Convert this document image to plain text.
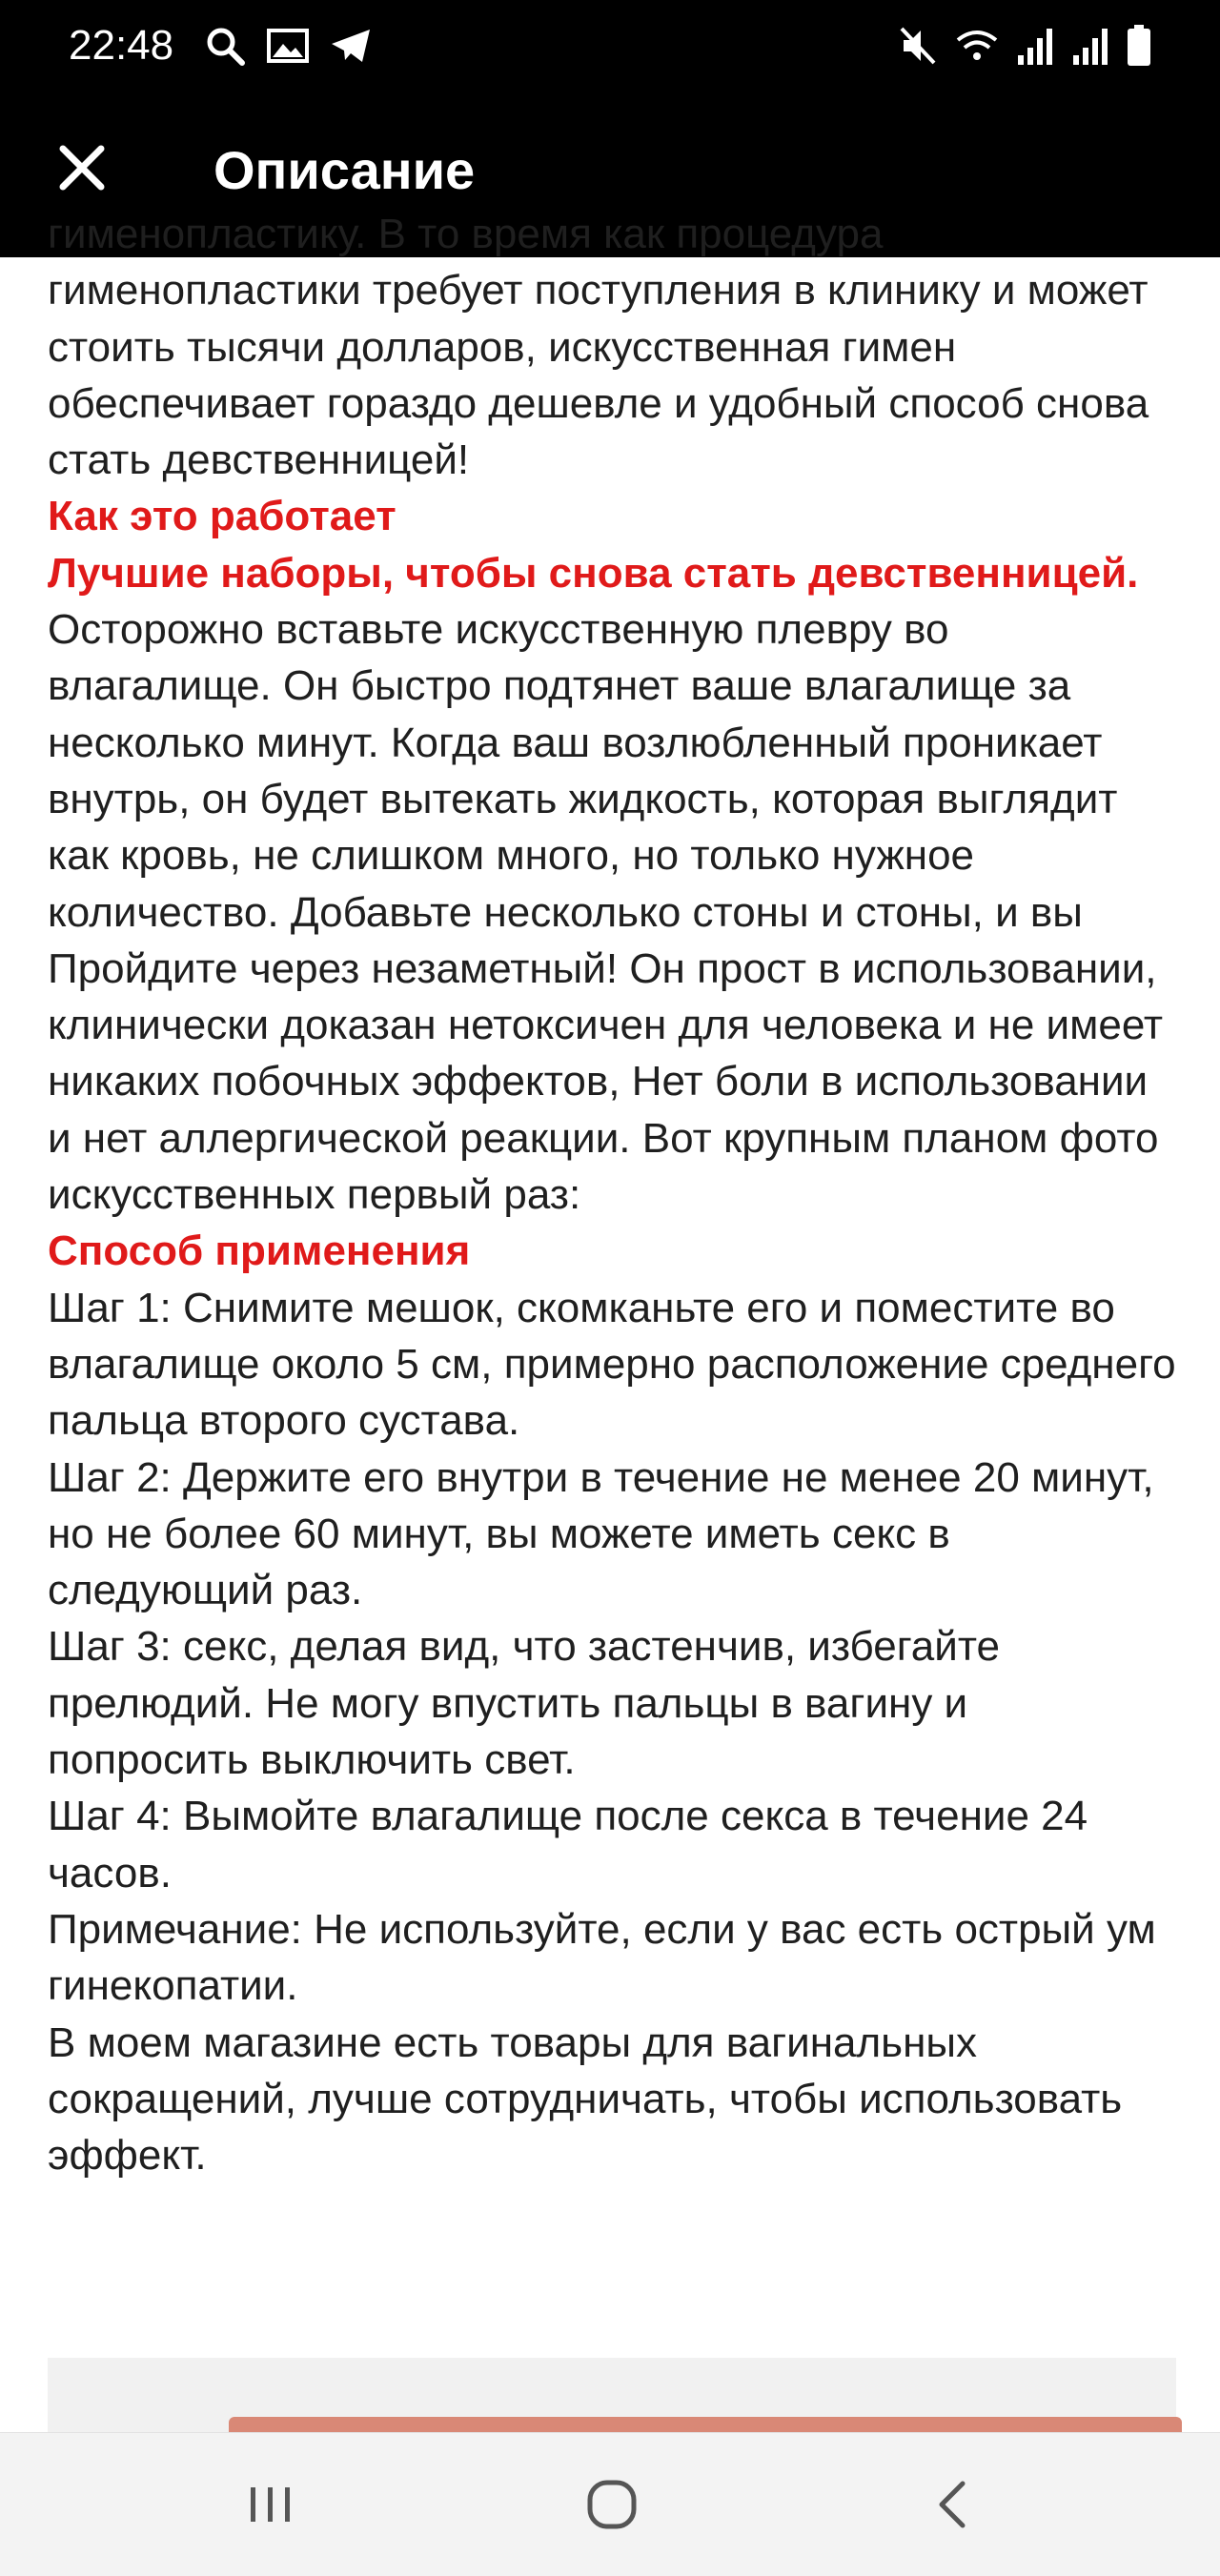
22:48
Описание

гименопластику. В то время как процедура гименопластики требует поступления в клинику и может стоить тысячи долларов, искусственная гимен обеспечивает гораздо дешевле и удобный способ снова стать девственницей!

Как это работает

Лучшие наборы, чтобы снова стать девственницей.

Осторожно вставьте искусственную плевру во влагалище. Он быстро подтянет ваше влагалище за несколько минут. Когда ваш возлюбленный проникает внутрь, он будет вытекать жидкость, которая выглядит как кровь, не слишком много, но только нужное количество. Добавьте несколько стоны и стоны, и вы Пройдите через незаметный! Он прост в использовании, клинически доказан нетоксичен для человека и не имеет никаких побочных эффектов, Нет боли в использовании и нет аллергической реакции. Вот крупным планом фото искусственных первый раз:

Способ применения

Шаг 1: Снимите мешок, скомканьте его и поместите во влагалище около 5 см, примерно расположение среднего пальца второго сустава.

Шаг 2: Держите его внутри в течение не менее 20 минут, но не более 60 минут, вы можете иметь секс в следующий раз.

Шаг 3: секс, делая вид, что застенчив, избегайте прелюдий. Не могу впустить пальцы в вагину и попросить выключить свет.

Шаг 4: Вымойте влагалище после секса в течение 24 часов.

Примечание: Не используйте, если у вас есть острый ум гинекопатии.

В моем магазине есть товары для вагинальных сокращений, лучше сотрудничать, чтобы использовать эффект.
